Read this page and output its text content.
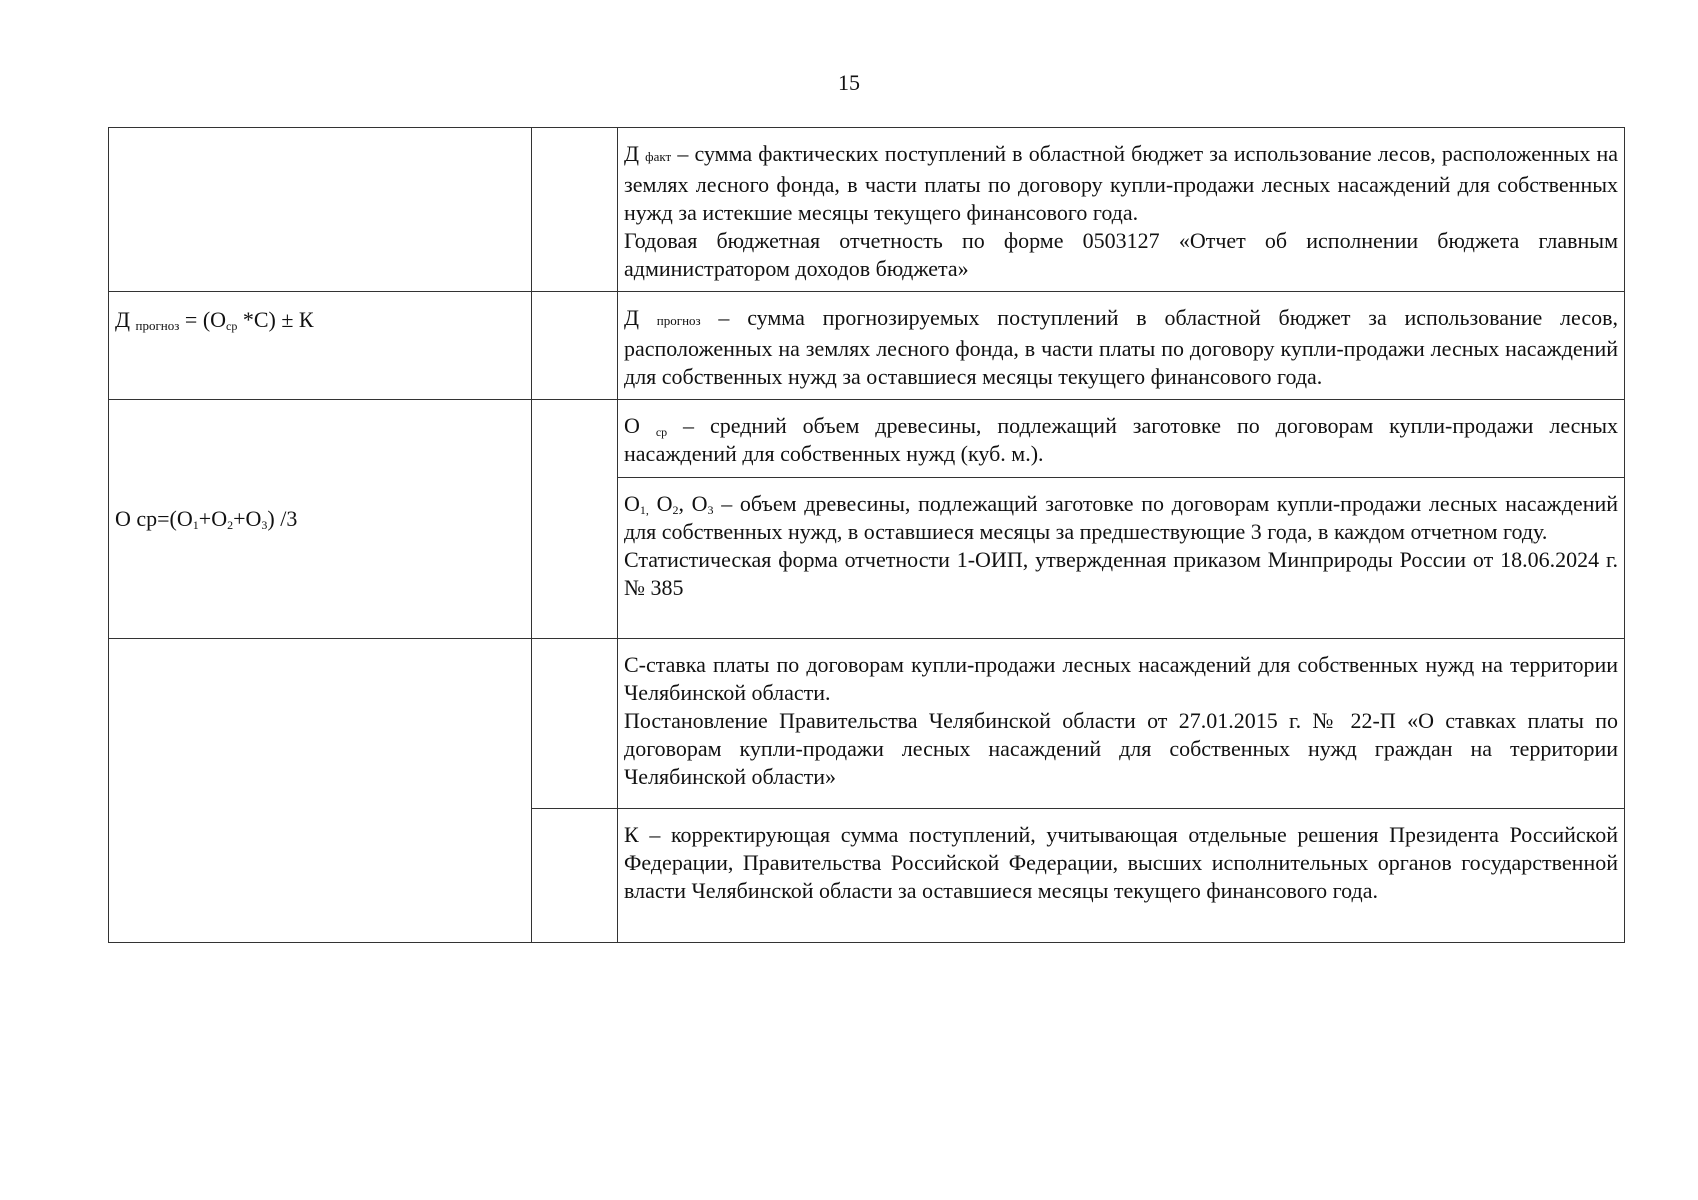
15

		Д факт – сумма фактических поступлений в областной бюджет за использование лесов, расположенных на землях лесного фонда, в части платы по договору купли-продажи лесных насаждений для собственных нужд за истекшие месяцы текущего финансового года.

Годовая бюджетная отчетность по форме 0503127 «Отчет об исполнении бюджета главным администратором доходов бюджета»

Д $_{прогноз} = (О_{ср}$ *С) ± К		Д прогноз – сумма прогнозируемых поступлений в областной бюджет за использование лесов, расположенных на землях лесного фонда, в части платы по договору купли-продажи лесных насаждений для собственных нужд за оставшиеся месяцы текущего финансового года.

О $ср=(О_1+О_2+О_3)$ /3		О $_{ср}$ – средний объем древесины, подлежащий заготовке по договорам купли-продажи лесных насаждений для собственных нужд (куб. м.).

		$О_{1,}$ $О_2$, $О_3$ – объем древесины, подлежащий заготовке по договорам купли-продажи лесных насаждений для собственных нужд, в оставшиеся месяцы за предшествующие 3 года, в каждом отчетном году.

Статистическая форма отчетности 1-ОИП, утвержденная приказом Минприроды России от 18.06.2024 г. № 385

		С-ставка платы по договорам купли-продажи лесных насаждений для собственных нужд на территории Челябинской области.

Постановление Правительства Челябинской области от 27.01.2015 г. № 22-П «О ставках платы по договорам купли-продажи лесных насаждений для собственных нужд граждан на территории Челябинской области»

		К – корректирующая сумма поступлений, учитывающая отдельные решения Президента Российской Федерации, Правительства Российской Федерации, высших исполнительных органов государственной власти Челябинской области за оставшиеся месяцы текущего финансового года.
